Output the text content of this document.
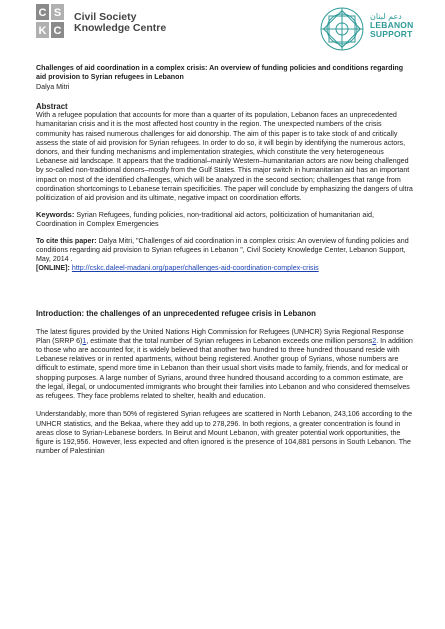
C S
K C
Civil Society
Knowledge Centre
دعم لبنان
LEBANON
SUPPORT

Challenges of aid coordination in a complex crisis: An overview of funding policies and conditions regarding aid provision to Syrian refugees in Lebanon

Dalya Mitri

Abstract

With a refugee population that accounts for more than a quarter of its population, Lebanon faces an unprecedented humanitarian crisis and it is the most affected host country in the region. The unexpected numbers of the crisis community has raised numerous challenges for aid donorship. The aim of this paper is to take stock of and critically assess the state of aid provision for Syrian refugees. In order to do so, it will begin by identifying the numerous actors, donors, and their funding mechanisms and implementation strategies, which constitute the very heterogeneous Lebanese aid landscape. It appears that the traditional–mainly Western–humanitarian actors are now being challenged by so-called non-traditional donors–mostly from the Gulf States. This major switch in humanitarian aid has an important impact on most of the identified challenges, which will be analyzed in the second section; challenges that range from coordination shortcomings to Lebanese terrain specificities. The paper will conclude by emphasizing the dangers of ultra politicization of aid provision and its ultimate, negative impact on coordination efforts.

Keywords: Syrian Refugees, funding policies, non-traditional aid actors, politicization of humanitarian aid, Coordination in Complex Emergencies

To cite this paper: Dalya Mitri, "Challenges of aid coordination in a complex crisis: An overview of funding policies and conditions regarding aid provision to Syrian refugees in Lebanon ", Civil Society Knowledge Center, Lebanon Support, May, 2014 .

[ONLINE]: http://cskc.daleel-madani.org/paper/challenges-aid-coordination-complex-crisis

Introduction: the challenges of an unprecedented refugee crisis in Lebanon

The latest figures provided by the United Nations High Commission for Refugees (UNHCR) Syria Regional Response Plan (SRRP 6)1, estimate that the total number of Syrian refugees in Lebanon exceeds one million persons2. In addition to those who are accounted for, it is widely believed that another two hundred to three hundred thousand reside with Lebanese relatives or in rented apartments, without being registered. Another group of Syrians, whose numbers are difficult to estimate, spend more time in Lebanon than their usual short visits made to family, friends, and for medical or shopping purposes. A large number of Syrians, around three hundred thousand according to a common estimate, are the legal, illegal, or undocumented immigrants who brought their families into Lebanon and who considered themselves as refugees. They face problems related to shelter, health and education.

Understandably, more than 50% of registered Syrian refugees are scattered in North Lebanon, 243,106 according to the UNHCR statistics, and the Bekaa, where they add up to 278,296. In both regions, a greater concentration is found in areas close to Syrian-Lebanese borders. In Beirut and Mount Lebanon, with greater potential work opportunities, the figure is 192,956. However, less expected and often ignored is the presence of 104,881 persons in South Lebanon. The number of Palestinian
